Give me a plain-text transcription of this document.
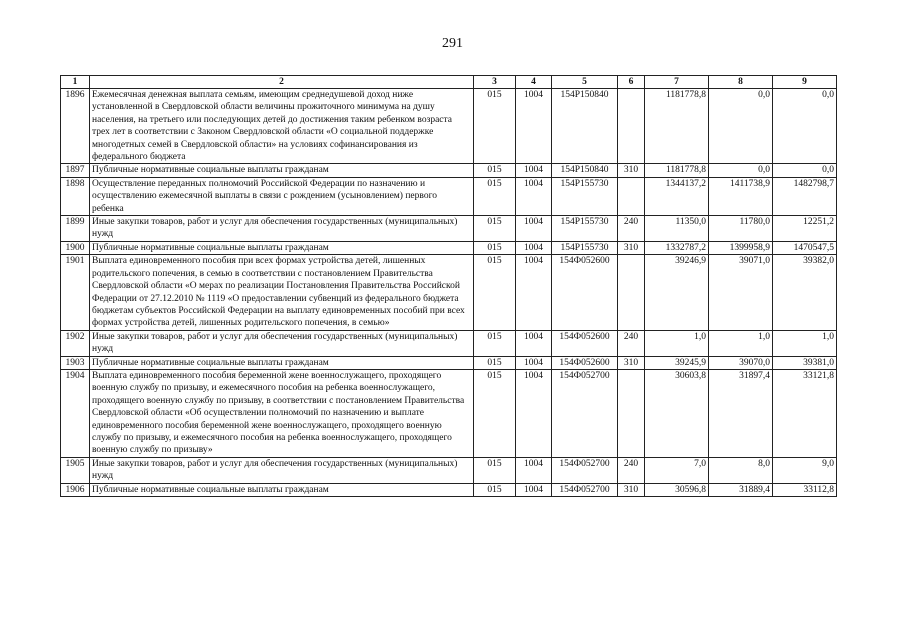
291
1	2	3	4	5	6	7	8	9
1896	Ежемесячная денежная выплата семьям, имеющим среднедушевой доход ниже установленной в Свердловской области величины прожиточного минимума на душу населения, на третьего или последующих детей до достижения таким ребенком возраста трех лет в соответствии с Законом Свердловской области «О социальной поддержке многодетных семей в Свердловской области» на условиях софинансирования из федерального бюджета	015	1004	154P150840		1181778,8	0,0	0,0
1897	Публичные нормативные социальные выплаты гражданам	015	1004	154P150840	310	1181778,8	0,0	0,0
1898	Осуществление переданных полномочий Российской Федерации по назначению и осуществлению ежемесячной выплаты в связи с рождением (усыновлением) первого ребенка	015	1004	154P155730		1344137,2	1411738,9	1482798,7
1899	Иные закупки товаров, работ и услуг для обеспечения государственных (муниципальных) нужд	015	1004	154P155730	240	11350,0	11780,0	12251,2
1900	Публичные нормативные социальные выплаты гражданам	015	1004	154P155730	310	1332787,2	1399958,9	1470547,5
1901	Выплата единовременного пособия при всех формах устройства детей, лишенных родительского попечения, в семью в соответствии с постановлением Правительства Свердловской области «О мерах по реализации Постановления Правительства Российской Федерации от 27.12.2010 № 1119 «О предоставлении субвенций из федерального бюджета бюджетам субъектов Российской Федерации на выплату единовременных пособий при всех формах устройства детей, лишенных родительского попечения, в семью»	015	1004	154Ф052600		39246,9	39071,0	39382,0
1902	Иные закупки товаров, работ и услуг для обеспечения государственных (муниципальных) нужд	015	1004	154Ф052600	240	1,0	1,0	1,0
1903	Публичные нормативные социальные выплаты гражданам	015	1004	154Ф052600	310	39245,9	39070,0	39381,0
1904	Выплата единовременного пособия беременной жене военнослужащего, проходящего военную службу по призыву, и ежемесячного пособия на ребенка военнослужащего, проходящего военную службу по призыву, в соответствии с постановлением Правительства Свердловской области «Об осуществлении полномочий по назначению и выплате единовременного пособия беременной жене военнослужащего, проходящего военную службу по призыву, и ежемесячного пособия на ребенка военнослужащего, проходящего военную службу по призыву»	015	1004	154Ф052700		30603,8	31897,4	33121,8
1905	Иные закупки товаров, работ и услуг для обеспечения государственных (муниципальных) нужд	015	1004	154Ф052700	240	7,0	8,0	9,0
1906	Публичные нормативные социальные выплаты гражданам	015	1004	154Ф052700	310	30596,8	31889,4	33112,8
